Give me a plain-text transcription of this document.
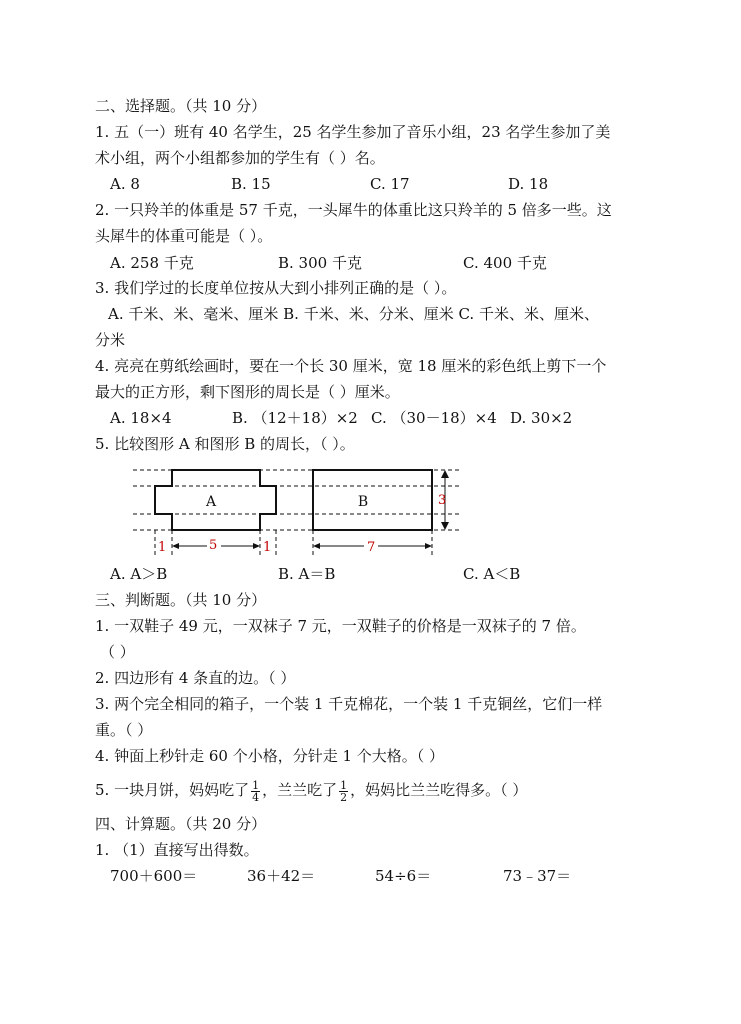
二、选择题。（共 10 分）
1. 五（一）班有 40 名学生，25 名学生参加了音乐小组，23 名学生参加了美
术小组，两个小组都参加的学生有（ ）名。
A. 8	B. 15	C. 17	D. 18
2. 一只羚羊的体重是 57 千克，一头犀牛的体重比这只羚羊的 5 倍多一些。这
头犀牛的体重可能是（ ）。
A. 258 千克	B. 300 千克	C. 400 千克
3. 我们学过的长度单位按从大到小排列正确的是（ ）。
A. 千米、米、毫米、厘米 B. 千米、米、分米、厘米 C. 千米、米、厘米、
分米
4. 亮亮在剪纸绘画时，要在一个长 30 厘米，宽 18 厘米的彩色纸上剪下一个
最大的正方形，剩下图形的周长是（ ）厘米。
A. 18×4	B. （12＋18）×2 C. （30－18）×4 D. 30×2
5. 比较图形 A 和图形 B 的周长，（ ）。
A	B	3
1	5	1	7
A. A＞B	B. A＝B	C. A＜B
三、判断题。（共 10 分）
1. 一双鞋子 49 元，一双袜子 7 元，一双鞋子的价格是一双袜子的 7 倍。
（ ）
2. 四边形有 4 条直的边。（ ）
3. 两个完全相同的箱子，一个装 1 千克棉花，一个装 1 千克铜丝，它们一样
重。（ ）
4. 钟面上秒针走 60 个小格，分针走 1 个大格。（ ）
5. 一块月饼，妈妈吃了 $\frac{1}{4}$ ，兰兰吃了 $\frac{1}{2}$ ，妈妈比兰兰吃得多。（ ）
四、计算题。（共 20 分）
1. （1）直接写出得数。
700＋600＝	36＋42＝	54÷6＝	73﹣37＝
